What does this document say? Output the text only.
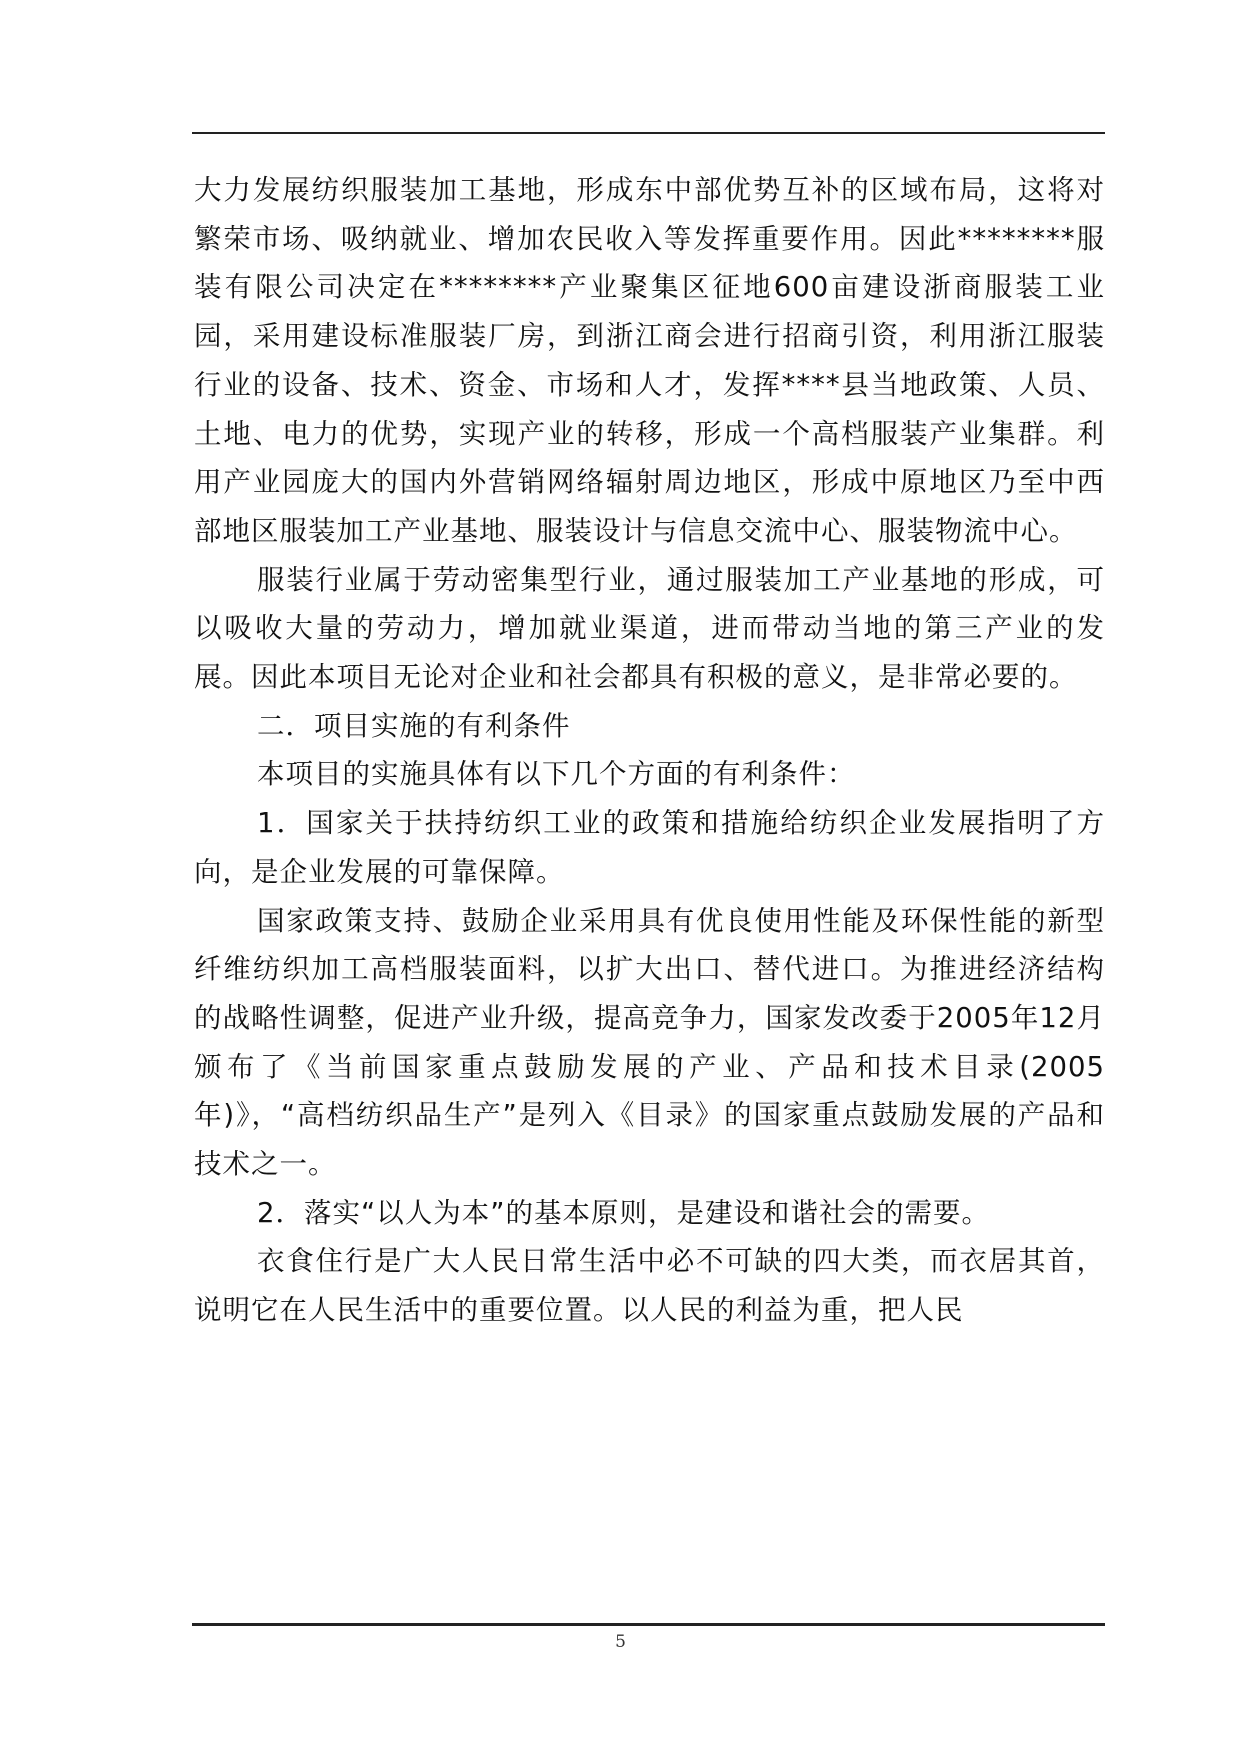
大力发展纺织服装加工基地，形成东中部优势互补的区域布局，这将对繁荣市场、吸纳就业、增加农民收入等发挥重要作用。因此********服装有限公司决定在********产业聚集区征地600亩建设浙商服装工业园，采用建设标准服装厂房，到浙江商会进行招商引资，利用浙江服装行业的设备、技术、资金、市场和人才，发挥****县当地政策、人员、土地、电力的优势，实现产业的转移，形成一个高档服装产业集群。利用产业园庞大的国内外营销网络辐射周边地区，形成中原地区乃至中西部地区服装加工产业基地、服装设计与信息交流中心、服装物流中心。

服装行业属于劳动密集型行业，通过服装加工产业基地的形成，可以吸收大量的劳动力，增加就业渠道，进而带动当地的第三产业的发展。因此本项目无论对企业和社会都具有积极的意义，是非常必要的。

二．项目实施的有利条件

本项目的实施具体有以下几个方面的有利条件：

1．国家关于扶持纺织工业的政策和措施给纺织企业发展指明了方向，是企业发展的可靠保障。

国家政策支持、鼓励企业采用具有优良使用性能及环保性能的新型纤维纺织加工高档服装面料，以扩大出口、替代进口。为推进经济结构的战略性调整，促进产业升级，提高竞争力，国家发改委于2005年12月颁布了《当前国家重点鼓励发展的产业、产品和技术目录(2005年)》，“高档纺织品生产”是列入《目录》的国家重点鼓励发展的产品和技术之一。

2．落实“以人为本”的基本原则，是建设和谐社会的需要。

衣食住行是广大人民日常生活中必不可缺的四大类，而衣居其首，说明它在人民生活中的重要位置。以人民的利益为重，把人民

5
